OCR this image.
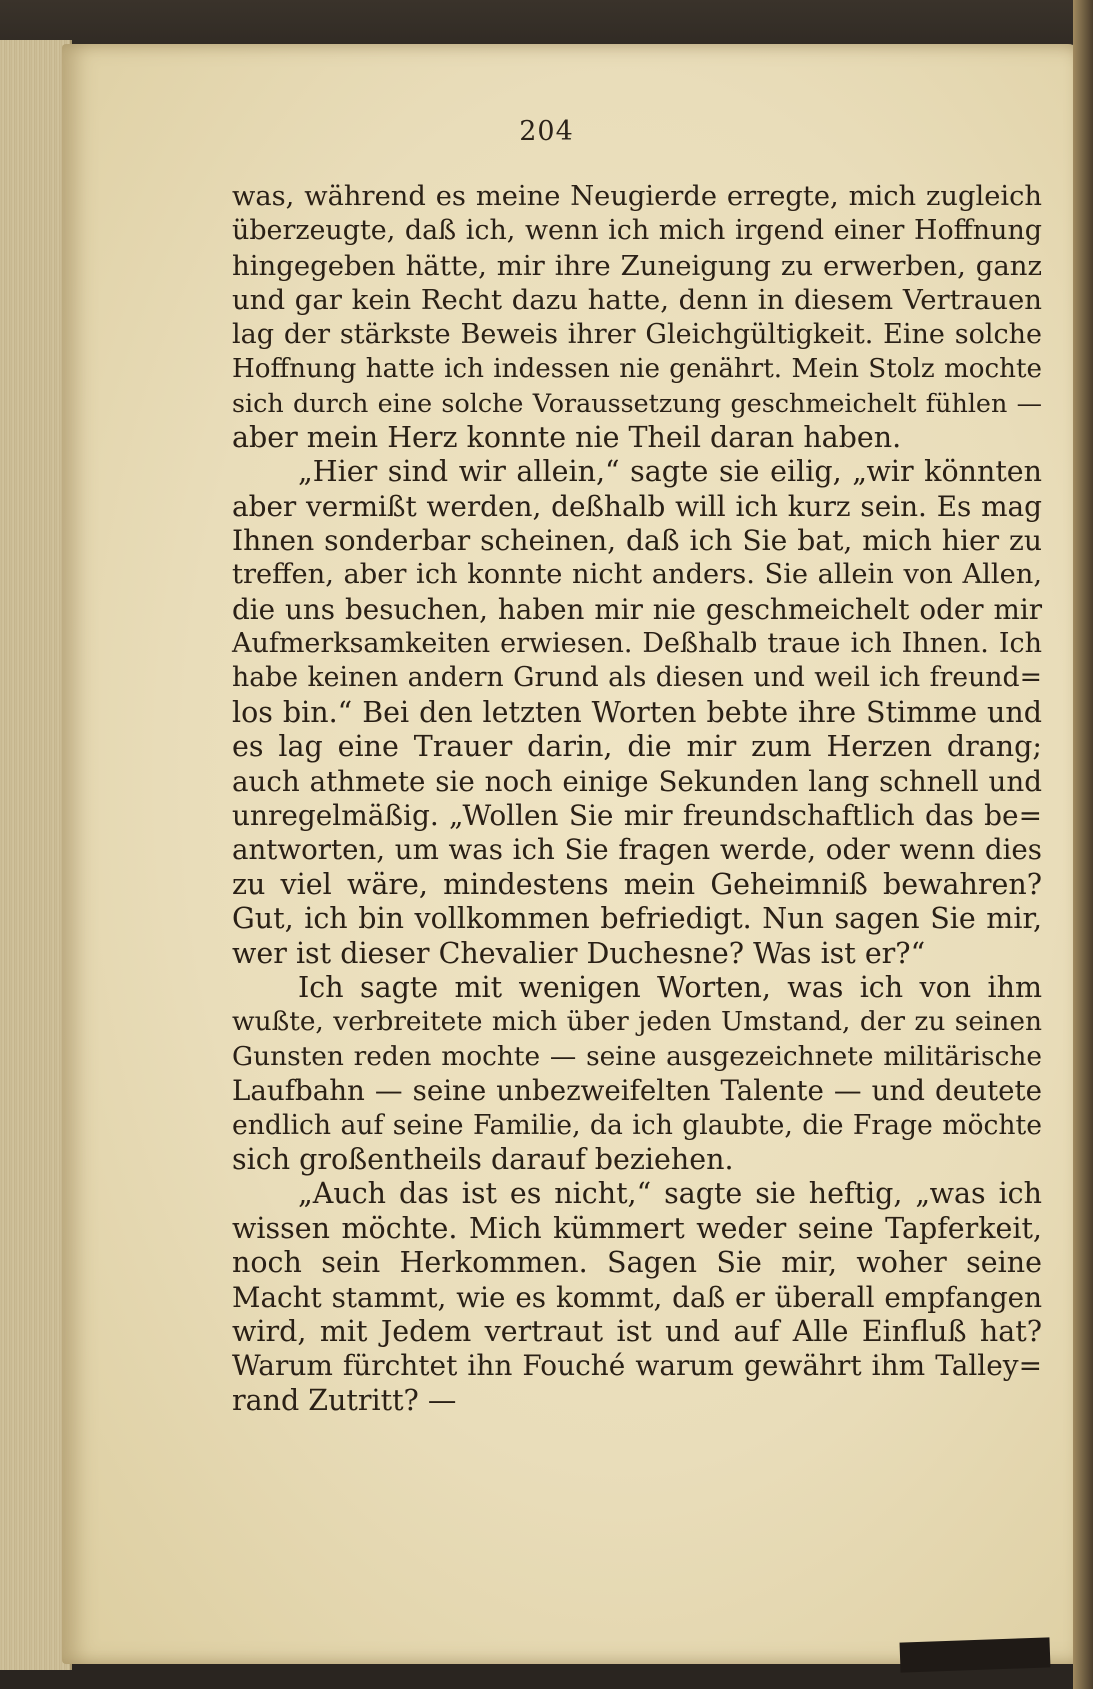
204
was, während es meine Neugierde erregte, mich zugleich
überzeugte, daß ich, wenn ich mich irgend einer Hoffnung
hingegeben hätte, mir ihre Zuneigung zu erwerben, ganz
und gar kein Recht dazu hatte, denn in diesem Vertrauen
lag der stärkste Beweis ihrer Gleichgültigkeit. Eine solche
Hoffnung hatte ich indessen nie genährt. Mein Stolz mochte
sich durch eine solche Voraussetzung geschmeichelt fühlen —
aber mein Herz konnte nie Theil daran haben.
„Hier sind wir allein,“ sagte sie eilig, „wir könnten
aber vermißt werden, deßhalb will ich kurz sein. Es mag
Ihnen sonderbar scheinen, daß ich Sie bat, mich hier zu
treffen, aber ich konnte nicht anders. Sie allein von Allen,
die uns besuchen, haben mir nie geschmeichelt oder mir
Aufmerksamkeiten erwiesen. Deßhalb traue ich Ihnen. Ich
habe keinen andern Grund als diesen und weil ich freund=
los bin.“ Bei den letzten Worten bebte ihre Stimme und
es lag eine Trauer darin, die mir zum Herzen drang;
auch athmete sie noch einige Sekunden lang schnell und
unregelmäßig. „Wollen Sie mir freundschaftlich das be=
antworten, um was ich Sie fragen werde, oder wenn dies
zu viel wäre, mindestens mein Geheimniß bewahren?
Gut, ich bin vollkommen befriedigt. Nun sagen Sie mir,
wer ist dieser Chevalier Duchesne? Was ist er?“
Ich sagte mit wenigen Worten, was ich von ihm
wußte, verbreitete mich über jeden Umstand, der zu seinen
Gunsten reden mochte — seine ausgezeichnete militärische
Laufbahn — seine unbezweifelten Talente — und deutete
endlich auf seine Familie, da ich glaubte, die Frage möchte
sich großentheils darauf beziehen.
„Auch das ist es nicht,“ sagte sie heftig, „was ich
wissen möchte. Mich kümmert weder seine Tapferkeit,
noch sein Herkommen. Sagen Sie mir, woher seine
Macht stammt, wie es kommt, daß er überall empfangen
wird, mit Jedem vertraut ist und auf Alle Einfluß hat?
Warum fürchtet ihn Fouché warum gewährt ihm Talley=
rand Zutritt? —
